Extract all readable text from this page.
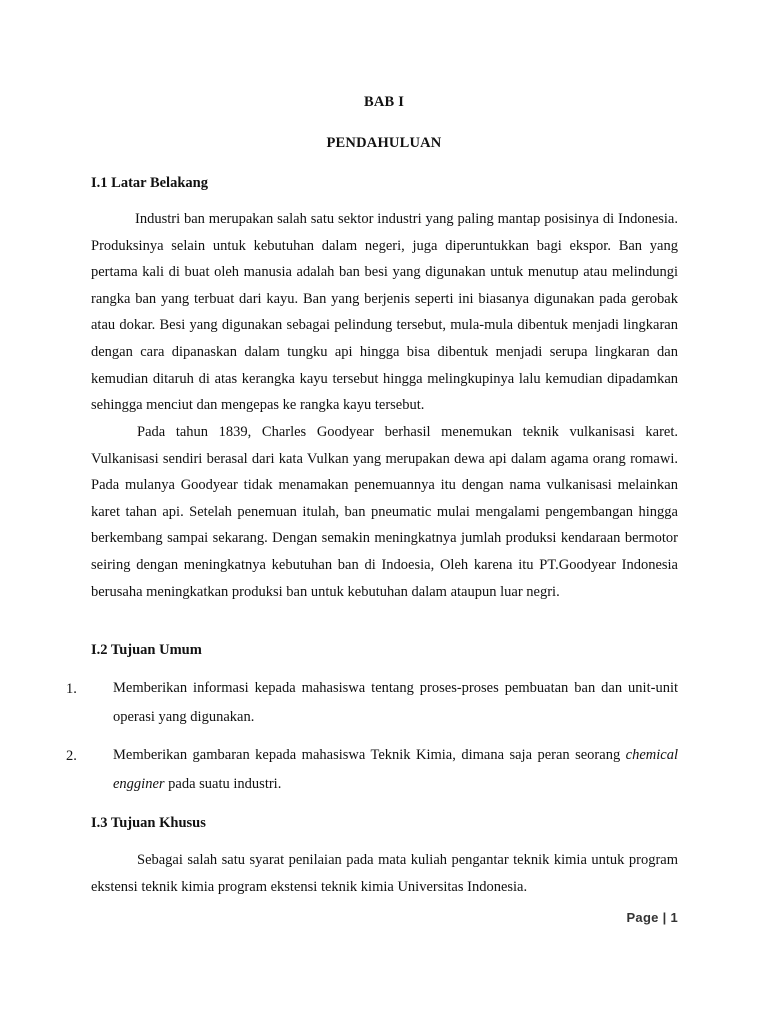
BAB I
PENDAHULUAN
I.1 Latar Belakang

Industri ban merupakan salah satu sektor industri yang paling mantap posisinya di Indonesia. Produksinya selain untuk kebutuhan dalam negeri, juga diperuntukkan bagi ekspor. Ban yang pertama kali di buat oleh manusia adalah ban besi yang digunakan untuk menutup atau melindungi rangka ban yang terbuat dari kayu. Ban yang berjenis seperti ini biasanya digunakan pada gerobak atau dokar. Besi yang digunakan sebagai pelindung tersebut, mula-mula dibentuk menjadi lingkaran dengan cara dipanaskan dalam tungku api hingga bisa dibentuk menjadi serupa lingkaran dan kemudian ditaruh di atas kerangka kayu tersebut hingga melingkupinya lalu kemudian dipadamkan sehingga menciut dan mengepas ke rangka kayu tersebut.

Pada tahun 1839, Charles Goodyear berhasil menemukan teknik vulkanisasi karet. Vulkanisasi sendiri berasal dari kata Vulkan yang merupakan dewa api dalam agama orang romawi. Pada mulanya Goodyear tidak menamakan penemuannya itu dengan nama vulkanisasi melainkan karet tahan api. Setelah penemuan itulah, ban pneumatic mulai mengalami pengembangan hingga berkembang sampai sekarang. Dengan semakin meningkatnya jumlah produksi kendaraan bermotor seiring dengan meningkatnya kebutuhan ban di Indoesia, Oleh karena itu PT.Goodyear Indonesia berusaha meningkatkan produksi ban untuk kebutuhan dalam ataupun luar negri.

I.2 Tujuan Umum
1. Memberikan informasi kepada mahasiswa tentang proses-proses pembuatan ban dan unit-unit operasi yang digunakan.

2. Memberikan gambaran kepada mahasiswa Teknik Kimia, dimana saja peran seorang chemical engginer pada suatu industri.

I.3 Tujuan Khusus

Sebagai salah satu syarat penilaian pada mata kuliah pengantar teknik kimia untuk program ekstensi teknik kimia program ekstensi teknik kimia Universitas Indonesia.

Page | 1
